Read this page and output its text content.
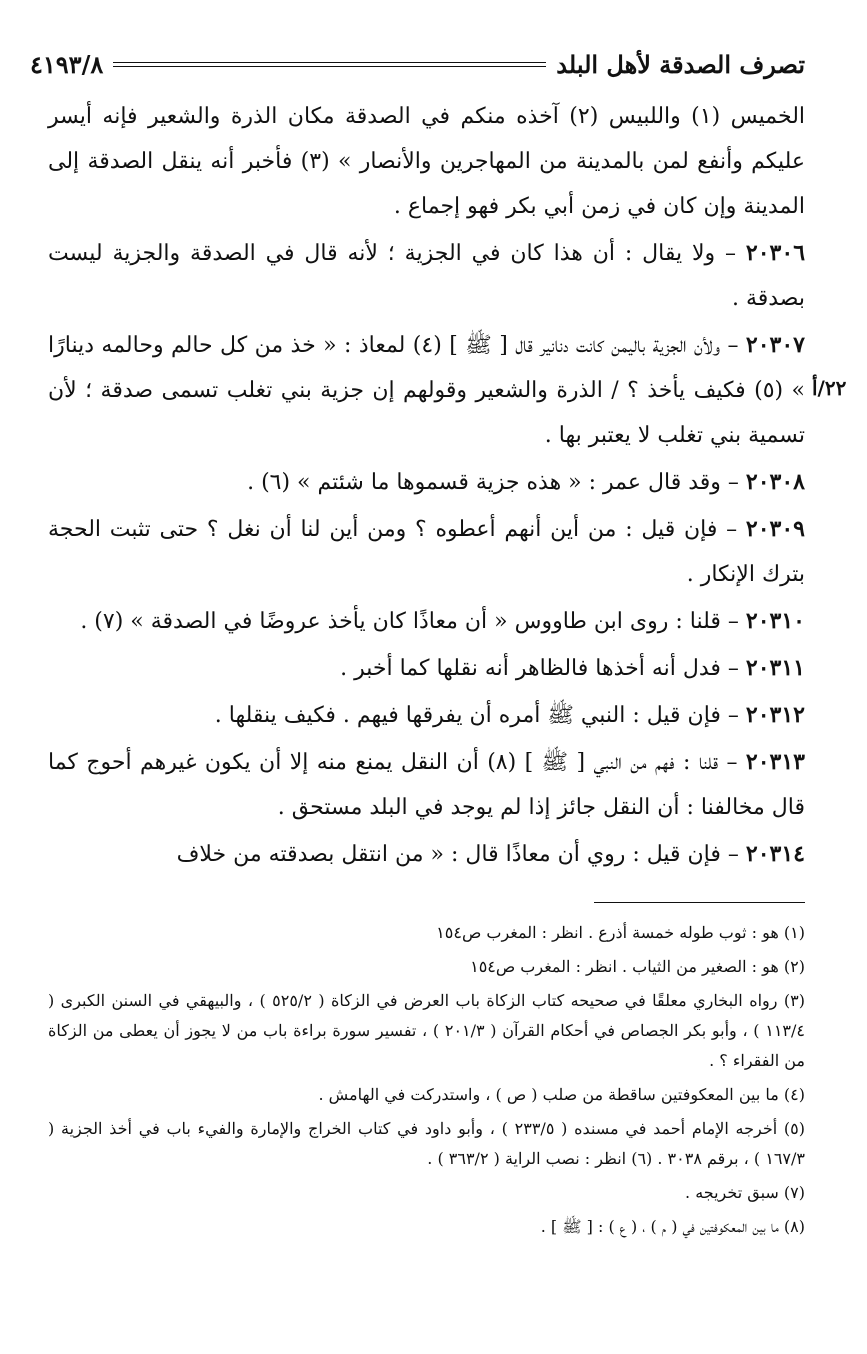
تصرف الصدقة لأهل البلد
٤١٩٣/٨
٢٢/أ

الخميس (١) واللبيس (٢) آخذه منكم في الصدقة مكان الذرة والشعير فإنه أيسر عليكم وأنفع لمن بالمدينة من المهاجرين والأنصار » (٣) فأخبر أنه ينقل الصدقة إلى المدينة وإن كان في زمن أبي بكر فهو إجماع .

٢٠٣٠٦ – ولا يقال : أن هذا كان في الجزية ؛ لأنه قال في الصدقة والجزية ليست بصدقة .

٢٠٣٠٧ – ولأن الجزية باليمن كانت دنانير قال [ ﷺ ] (٤) لمعاذ : « خذ من كل حالم وحالمه دينارًا » (٥) فكيف يأخذ ؟ / الذرة والشعير وقولهم إن جزية بني تغلب تسمى صدقة ؛ لأن تسمية بني تغلب لا يعتبر بها .

٢٠٣٠٨ – وقد قال عمر : « هذه جزية قسموها ما شئتم » (٦) .

٢٠٣٠٩ – فإن قيل : من أين أنهم أعطوه ؟ ومن أين لنا أن نغل ؟ حتى تثبت الحجة بترك الإنكار .

٢٠٣١٠ – قلنا : روى ابن طاووس « أن معاذًا كان يأخذ عروضًا في الصدقة » (٧) .

٢٠٣١١ – فدل أنه أخذها فالظاهر أنه نقلها كما أخبر .

٢٠٣١٢ – فإن قيل : النبي ﷺ أمره أن يفرقها فيهم . فكيف ينقلها .

٢٠٣١٣ – قلنا : فهم من النبي [ ﷺ ] (٨) أن النقل يمنع منه إلا أن يكون غيرهم أحوج كما قال مخالفنا : أن النقل جائز إذا لم يوجد في البلد مستحق .

٢٠٣١٤ – فإن قيل : روي أن معاذًا قال : « من انتقل بصدقته من خلاف

(١) هو : ثوب طوله خمسة أذرع . انظر : المغرب ص١٥٤

(٢) هو : الصغير من الثياب . انظر : المغرب ص١٥٤

(٣) رواه البخاري معلقًا في صحيحه كتاب الزكاة باب العرض في الزكاة ( ٥٢٥/٢ ) ، والبيهقي في السنن الكبرى ( ١١٣/٤ ) ، وأبو بكر الجصاص في أحكام القرآن ( ٢٠١/٣ ) ، تفسير سورة براءة باب من لا يجوز أن يعطى من الزكاة من الفقراء ؟ .

(٤) ما بين المعكوفتين ساقطة من صلب ( ص ) ، واستدركت في الهامش .

(٥) أخرجه الإمام أحمد في مسنده ( ٢٣٣/٥ ) ، وأبو داود في كتاب الخراج والإمارة والفيء باب في أخذ الجزية ( ١٦٧/٣ ) ، برقم ٣٠٣٨ . (٦) انظر : نصب الراية ( ٣٦٣/٢ ) .

(٧) سبق تخريجه .

(٨) ما بين المعكوفتين في ( م ) ، ( ع ) : [ ﷺ ] .
